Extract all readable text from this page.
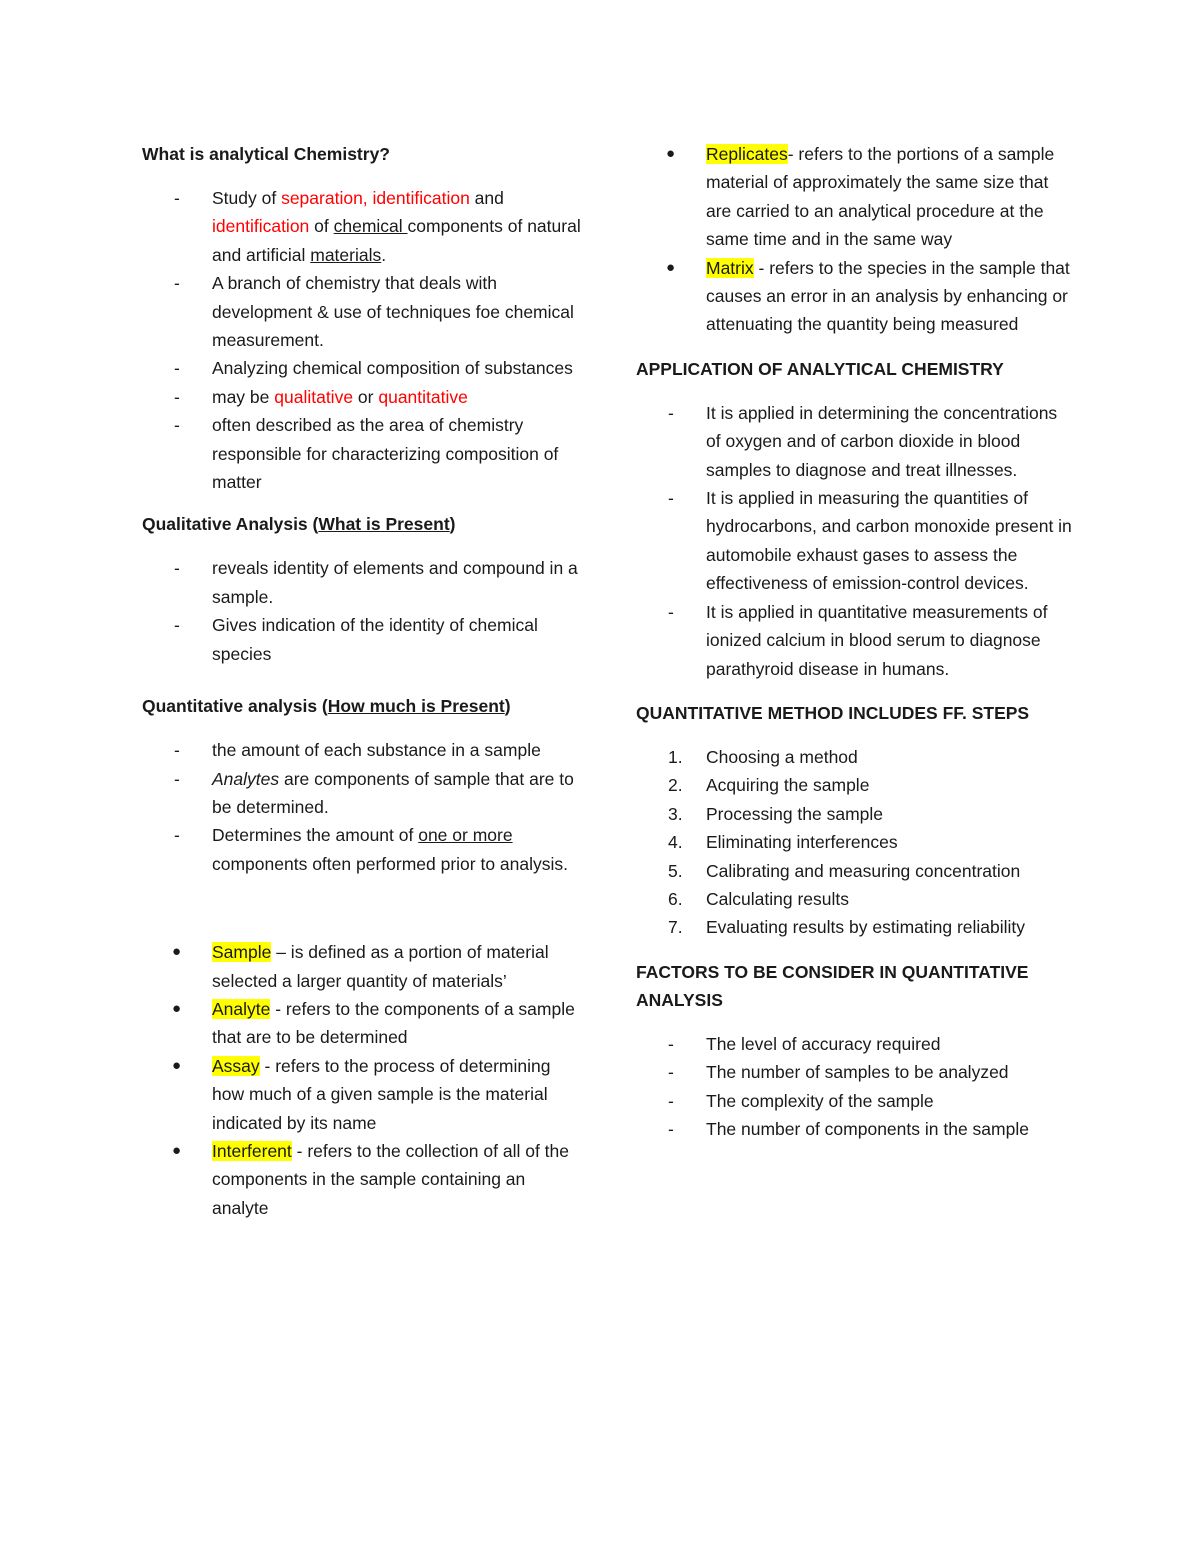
What is analytical Chemistry?

- Study of separation, identification and identification of chemical components of natural and artificial materials.
- A branch of chemistry that deals with development & use of techniques foe chemical measurement.
- Analyzing chemical composition of substances
- may be qualitative or quantitative
- often described as the area of chemistry responsible for characterizing composition of matter

Qualitative Analysis (What is Present)

- reveals identity of elements and compound in a sample.
- Gives indication of the identity of chemical species

Quantitative analysis (How much is Present)

- the amount of each substance in a sample
- Analytes are components of sample that are to be determined.
- Determines the amount of one or more components often performed prior to analysis.
● Sample – is defined as a portion of material selected a larger quantity of materials’
● Analyte - refers to the components of a sample that are to be determined
● Assay - refers to the process of determining how much of a given sample is the material indicated by its name
● Interferent - refers to the collection of all of the components in the sample containing an analyte
● Replicates- refers to the portions of a sample material of approximately the same size that are carried to an analytical procedure at the same time and in the same way
● Matrix - refers to the species in the sample that causes an error in an analysis by enhancing or attenuating the quantity being measured

APPLICATION OF ANALYTICAL CHEMISTRY

- It is applied in determining the concentrations of oxygen and of carbon dioxide in blood samples to diagnose and treat illnesses.
- It is applied in measuring the quantities of hydrocarbons, and carbon monoxide present in automobile exhaust gases to assess the effectiveness of emission-control devices.
- It is applied in quantitative measurements of ionized calcium in blood serum to diagnose parathyroid disease in humans.

QUANTITATIVE METHOD INCLUDES FF. STEPS

1. Choosing a method
2. Acquiring the sample
3. Processing the sample
4. Eliminating interferences
5. Calibrating and measuring concentration
6. Calculating results
7. Evaluating results by estimating reliability

FACTORS TO BE CONSIDER IN QUANTITATIVE ANALYSIS

- The level of accuracy required
- The number of samples to be analyzed
- The complexity of the sample
- The number of components in the sample
